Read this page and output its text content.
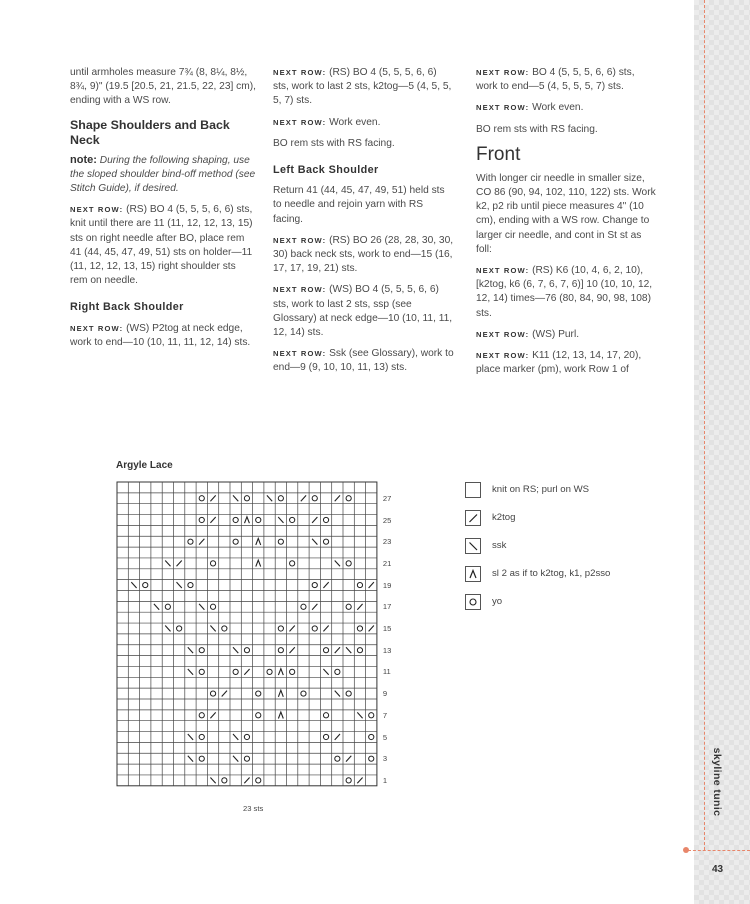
until armholes measure 7¾ (8, 8¼, 8½, 8¾, 9)" (19.5 [20.5, 21, 21.5, 22, 23] cm), ending with a WS row.

Shape Shoulders and Back Neck

note: During the following shaping, use the sloped shoulder bind-off method (see Stitch Guide), if desired.

NEXT ROW: (RS) BO 4 (5, 5, 5, 6, 6) sts, knit until there are 11 (11, 12, 12, 13, 15) sts on right needle after BO, place rem 41 (44, 45, 47, 49, 51) sts on holder—11 (11, 12, 12, 13, 15) right shoulder sts rem on needle.

Right Back Shoulder

NEXT ROW: (WS) P2tog at neck edge, work to end—10 (10, 11, 11, 12, 14) sts.

NEXT ROW: (RS) BO 4 (5, 5, 5, 6, 6) sts, work to last 2 sts, k2tog—5 (4, 5, 5, 5, 7) sts.

NEXT ROW: Work even.

BO rem sts with RS facing.

Left Back Shoulder

Return 41 (44, 45, 47, 49, 51) held sts to needle and rejoin yarn with RS facing.

NEXT ROW: (RS) BO 26 (28, 28, 30, 30, 30) back neck sts, work to end—15 (16, 17, 17, 19, 21) sts.

NEXT ROW: (WS) BO 4 (5, 5, 5, 6, 6) sts, work to last 2 sts, ssp (see Glossary) at neck edge—10 (10, 11, 11, 12, 14) sts.

NEXT ROW: Ssk (see Glossary), work to end—9 (9, 10, 10, 11, 13) sts.

NEXT ROW: BO 4 (5, 5, 5, 6, 6) sts, work to end—5 (4, 5, 5, 5, 7) sts.

NEXT ROW: Work even.

BO rem sts with RS facing.

Front

With longer cir needle in smaller size, CO 86 (90, 94, 102, 110, 122) sts. Work k2, p2 rib until piece measures 4" (10 cm), ending with a WS row. Change to larger cir needle, and cont in St st as foll:

NEXT ROW: (RS) K6 (10, 4, 6, 2, 10), [k2tog, k6 (6, 7, 6, 7, 6)] 10 (10, 10, 12, 12, 14) times—76 (80, 84, 90, 98, 108) sts.

NEXT ROW: (WS) Purl.

NEXT ROW: K11 (12, 13, 14, 17, 20), place marker (pm), work Row 1 of

Argyle Lace
1
3
5
7
9
11
13
15
17
19
21
23
25
27
23 sts
knit on RS; purl on WS
k2tog
ssk
sl 2 as if to k2tog, k1, p2sso
yo
skyline tunic
43
